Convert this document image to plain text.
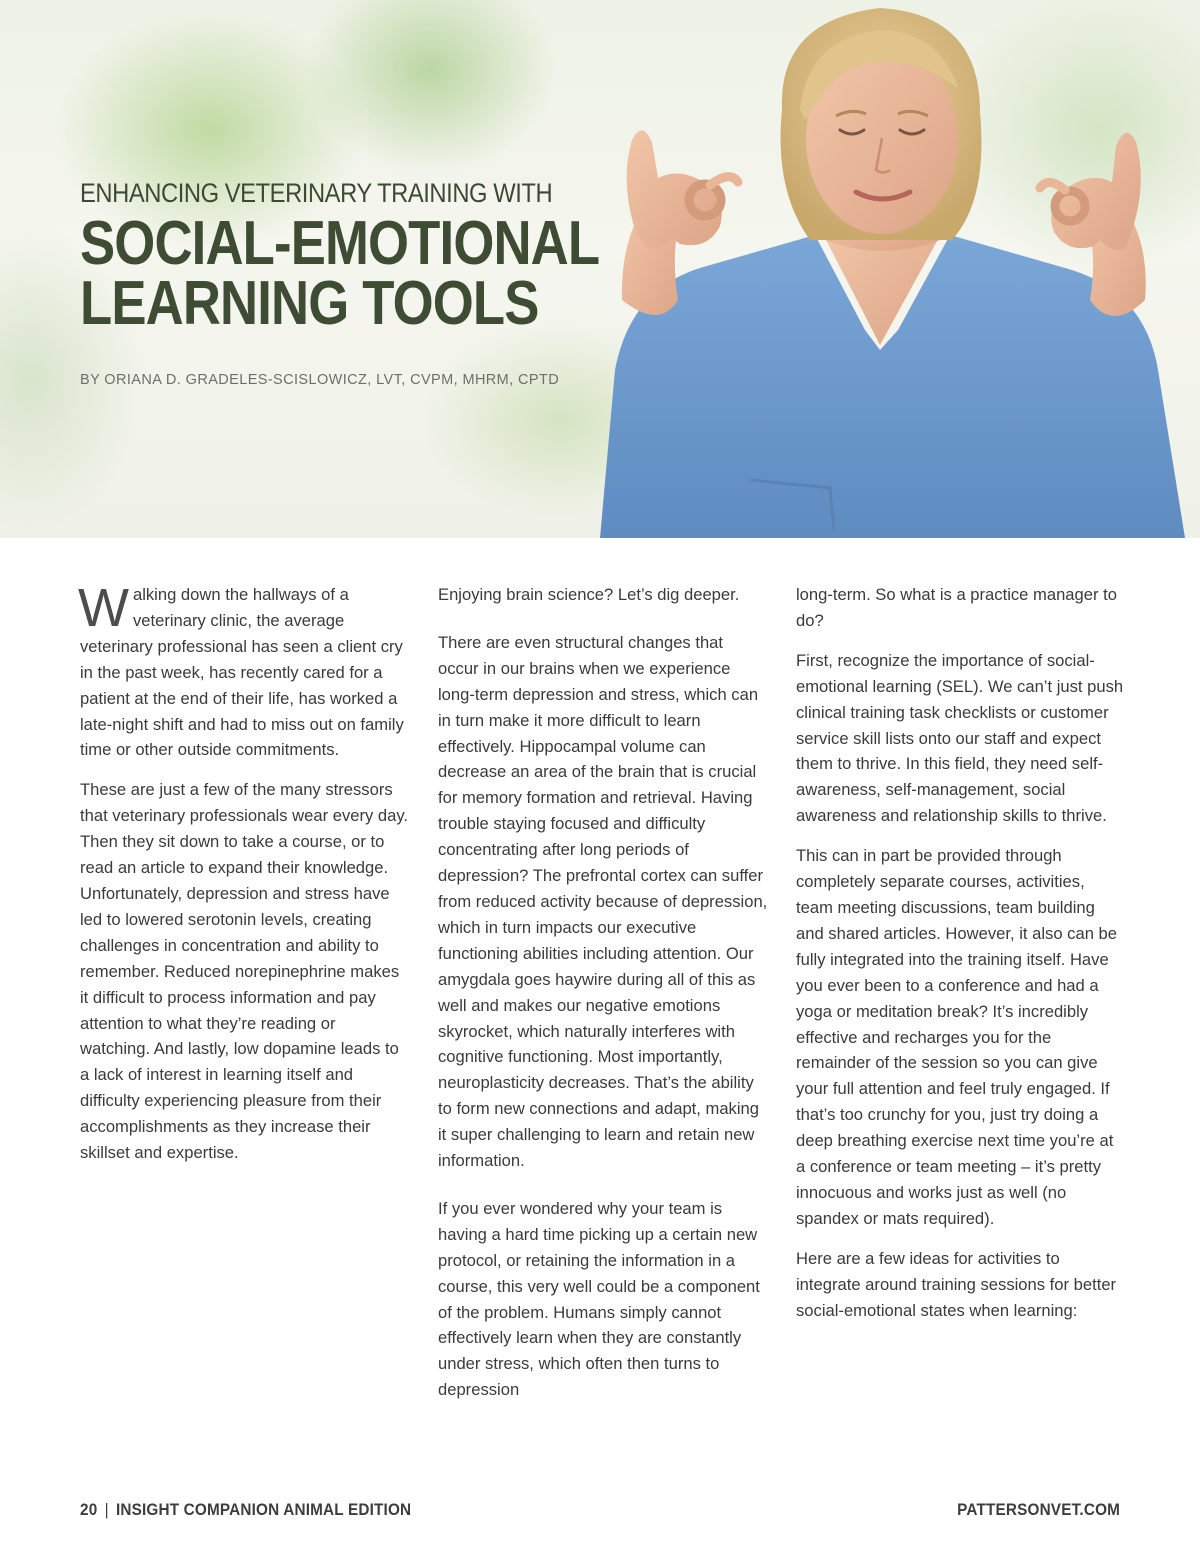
ENHANCING VETERINARY TRAINING WITH
SOCIAL-EMOTIONAL
LEARNING TOOLS
BY ORIANA D. GRADELES-SCISLOWICZ, LVT, CVPM, MHRM, CPTD

Walking down the hallways of a veterinary clinic, the average veterinary professional has seen a client cry in the past week, has recently cared for a patient at the end of their life, has worked a late-night shift and had to miss out on family time or other outside commitments.

These are just a few of the many stressors that veterinary professionals wear every day. Then they sit down to take a course, or to read an article to expand their knowledge. Unfortunately, depression and stress have led to lowered serotonin levels, creating challenges in concentration and ability to remember. Reduced norepinephrine makes it difficult to process information and pay attention to what they’re reading or watching. And lastly, low dopamine leads to a lack of interest in learning itself and difficulty experiencing pleasure from their accomplishments as they increase their skillset and expertise.

Enjoying brain science? Let’s dig deeper.

There are even structural changes that occur in our brains when we experience long-term depression and stress, which can in turn make it more difficult to learn effectively. Hippocampal volume can decrease an area of the brain that is crucial for memory formation and retrieval. Having trouble staying focused and difficulty concentrating after long periods of depression? The prefrontal cortex can suffer from reduced activity because of depression, which in turn impacts our executive functioning abilities including attention. Our amygdala goes haywire during all of this as well and makes our negative emotions skyrocket, which naturally interferes with cognitive functioning. Most importantly, neuroplasticity decreases. That’s the ability to form new connections and adapt, making it super challenging to learn and retain new information.

If you ever wondered why your team is having a hard time picking up a certain new protocol, or retaining the information in a course, this very well could be a component of the problem. Humans simply cannot effectively learn when they are constantly under stress, which often then turns to depression

long-term. So what is a practice manager to do?

First, recognize the importance of social-emotional learning (SEL). We can’t just push clinical training task checklists or customer service skill lists onto our staff and expect them to thrive. In this field, they need self-awareness, self-management, social awareness and relationship skills to thrive.

This can in part be provided through completely separate courses, activities, team meeting discussions, team building and shared articles. However, it also can be fully integrated into the training itself. Have you ever been to a conference and had a yoga or meditation break? It’s incredibly effective and recharges you for the remainder of the session so you can give your full attention and feel truly engaged. If that’s too crunchy for you, just try doing a deep breathing exercise next time you’re at a conference or team meeting – it’s pretty innocuous and works just as well (no spandex or mats required).

Here are a few ideas for activities to integrate around training sessions for better social-emotional states when learning:

20 | INSIGHT COMPANION ANIMAL EDITION	PATTERSONVET.COM
